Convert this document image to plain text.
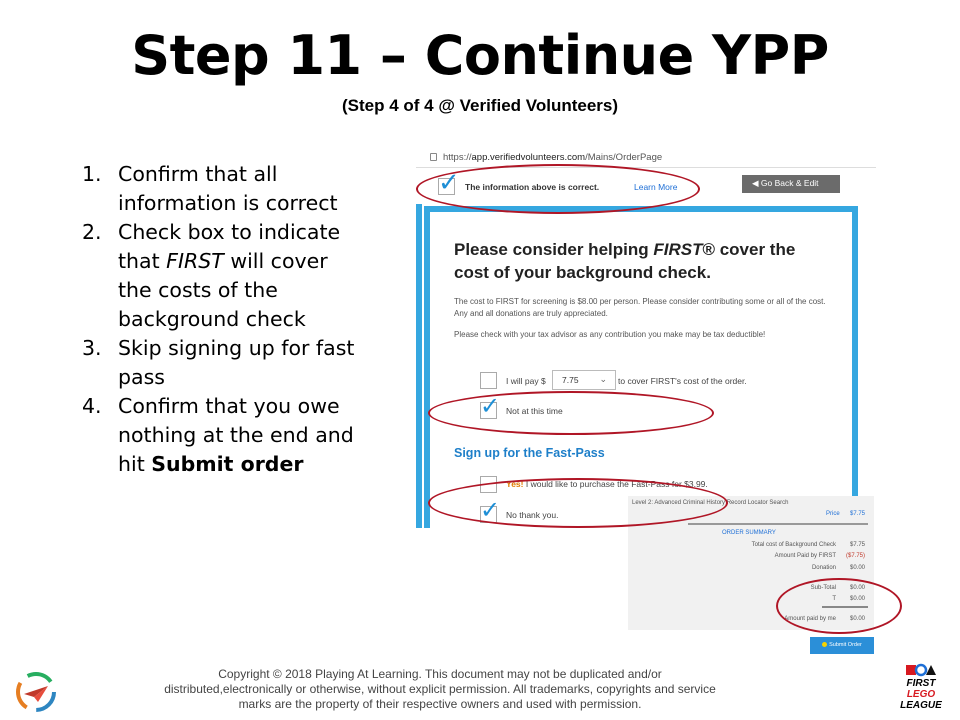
Step 11 – Continue YPP
(Step 4 of 4 @ Verified Volunteers)
1. Confirm that all information is correct
2. Check box to indicate that FIRST will cover the costs of the background check
3. Skip signing up for fast pass
4. Confirm that you owe nothing at the end and hit Submit order
https://app.verifiedvolunteers.com/Mains/OrderPage
✓ The information above is correct.	Learn More	◀ Go Back & Edit
Please consider helping FIRST® cover the cost of your background check.
The cost to FIRST for screening is $8.00 per person. Please consider contributing some or all of the cost. Any and all donations are truly appreciated.
Please check with your tax advisor as any contribution you make may be tax deductible!
I will pay $	7.75 ⌄ to cover FIRST's cost of the order.
✓ Not at this time
Sign up for the Fast-Pass
Yes! I would like to purchase the Fast-Pass for $3.99.
✓ No thank you.
Level 2: Advanced Criminal History Record Locator Search
Price $7.75
ORDER SUMMARY
Total cost of Background Check $7.75
Amount Paid by FIRST ($7.75)
Donation $0.00
Sub-Total $0.00
T $0.00
Amount paid by me $0.00
Submit Order
Copyright © 2018 Playing At Learning. This document may not be duplicated and/or
distributed,electronically or otherwise, without explicit permission. All trademarks, copyrights and service
marks are the property of their respective owners and used with permission.
FIRST
LEGO
LEAGUE
